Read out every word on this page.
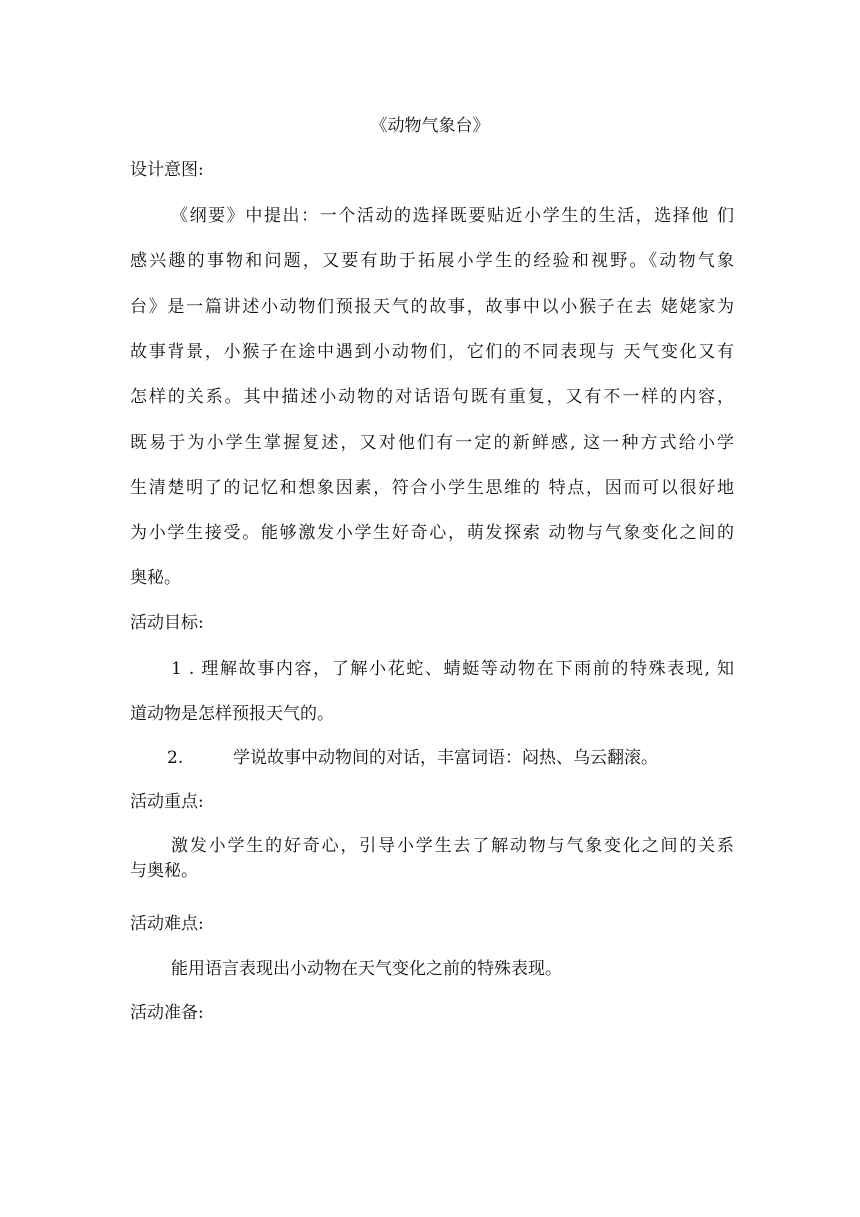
《动物气象台》
设计意图:
《纲要》中提出：一个活动的选择既要贴近小学生的生活，选择他 们
感兴趣的事物和问题，又要有助于拓展小学生的经验和视野。《动物气象
台》是一篇讲述小动物们预报天气的故事，故事中以小猴子在去 姥姥家为
故事背景，小猴子在途中遇到小动物们，它们的不同表现与 天气变化又有
怎样的关系。其中描述小动物的对话语句既有重复，又有不一样的内容，
既易于为小学生掌握复述，又对他们有一定的新鲜感, 这一种方式给小学
生清楚明了的记忆和想象因素，符合小学生思维的 特点，因而可以很好地
为小学生接受。能够激发小学生好奇心，萌发探索 动物与气象变化之间的
奥秘。
活动目标:
1 . 理解故事内容，了解小花蛇、蜻蜓等动物在下雨前的特殊表现, 知
道动物是怎样预报天气的。
2.	学说故事中动物间的对话，丰富词语：闷热、乌云翻滚。
活动重点:
激发小学生的好奇心，引导小学生去了解动物与气象变化之间的关系
与奥秘。
活动难点:
能用语言表现出小动物在天气变化之前的特殊表现。
活动准备:
